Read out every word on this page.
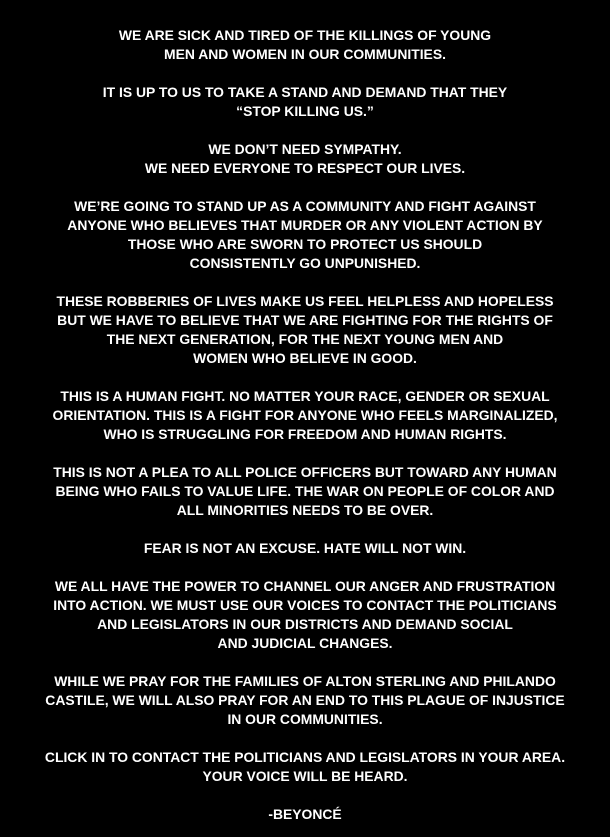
WE ARE SICK AND TIRED OF THE KILLINGS OF YOUNG
MEN AND WOMEN IN OUR COMMUNITIES.
IT IS UP TO US TO TAKE A STAND AND DEMAND THAT THEY
“STOP KILLING US.”
WE DON’T NEED SYMPATHY.
WE NEED EVERYONE TO RESPECT OUR LIVES.
WE’RE GOING TO STAND UP AS A COMMUNITY AND FIGHT AGAINST
ANYONE WHO BELIEVES THAT MURDER OR ANY VIOLENT ACTION BY
THOSE WHO ARE SWORN TO PROTECT US SHOULD
CONSISTENTLY GO UNPUNISHED.
THESE ROBBERIES OF LIVES MAKE US FEEL HELPLESS AND HOPELESS
BUT WE HAVE TO BELIEVE THAT WE ARE FIGHTING FOR THE RIGHTS OF
THE NEXT GENERATION, FOR THE NEXT YOUNG MEN AND
WOMEN WHO BELIEVE IN GOOD.
THIS IS A HUMAN FIGHT. NO MATTER YOUR RACE, GENDER OR SEXUAL
ORIENTATION. THIS IS A FIGHT FOR ANYONE WHO FEELS MARGINALIZED,
WHO IS STRUGGLING FOR FREEDOM AND HUMAN RIGHTS.
THIS IS NOT A PLEA TO ALL POLICE OFFICERS BUT TOWARD ANY HUMAN
BEING WHO FAILS TO VALUE LIFE. THE WAR ON PEOPLE OF COLOR AND
ALL MINORITIES NEEDS TO BE OVER.
FEAR IS NOT AN EXCUSE. HATE WILL NOT WIN.
WE ALL HAVE THE POWER TO CHANNEL OUR ANGER AND FRUSTRATION
INTO ACTION. WE MUST USE OUR VOICES TO CONTACT THE POLITICIANS
AND LEGISLATORS IN OUR DISTRICTS AND DEMAND SOCIAL
AND JUDICIAL CHANGES.
WHILE WE PRAY FOR THE FAMILIES OF ALTON STERLING AND PHILANDO
CASTILE, WE WILL ALSO PRAY FOR AN END TO THIS PLAGUE OF INJUSTICE
IN OUR COMMUNITIES.
CLICK IN TO CONTACT THE POLITICIANS AND LEGISLATORS IN YOUR AREA.
YOUR VOICE WILL BE HEARD.
-BEYONCÉ
